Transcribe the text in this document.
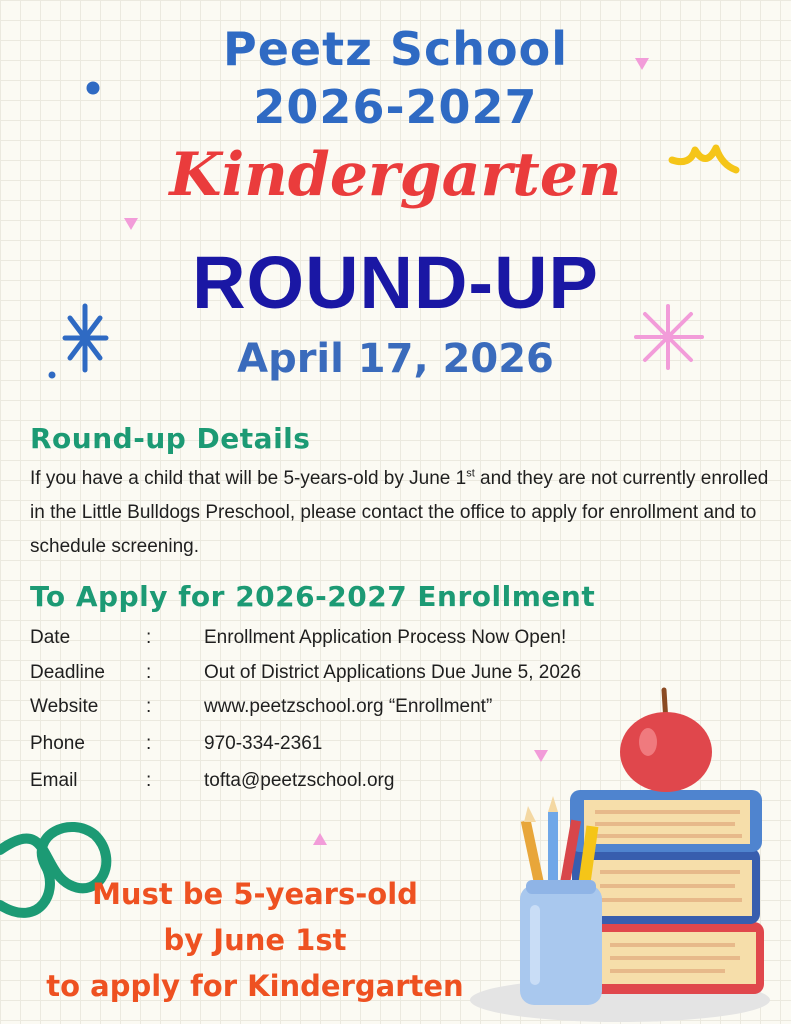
Peetz School
2026-2027
Kindergarten
ROUND-UP
April 17, 2026
Round-up Details
If you have a child that will be 5-years-old by June 1st and they are not currently enrolled in the Little Bulldogs Preschool, please contact the office to apply for enrollment and to schedule screening.
To Apply for 2026-2027 Enrollment
Date	:	Enrollment Application Process Now Open!
Deadline	:	Out of District Applications Due June 5, 2026
Website	:	www.peetzschool.org “Enrollment”
Phone	:	970-334-2361
Email	:	tofta@peetzschool.org
Must be 5-years-old
by June 1st
to apply for Kindergarten
